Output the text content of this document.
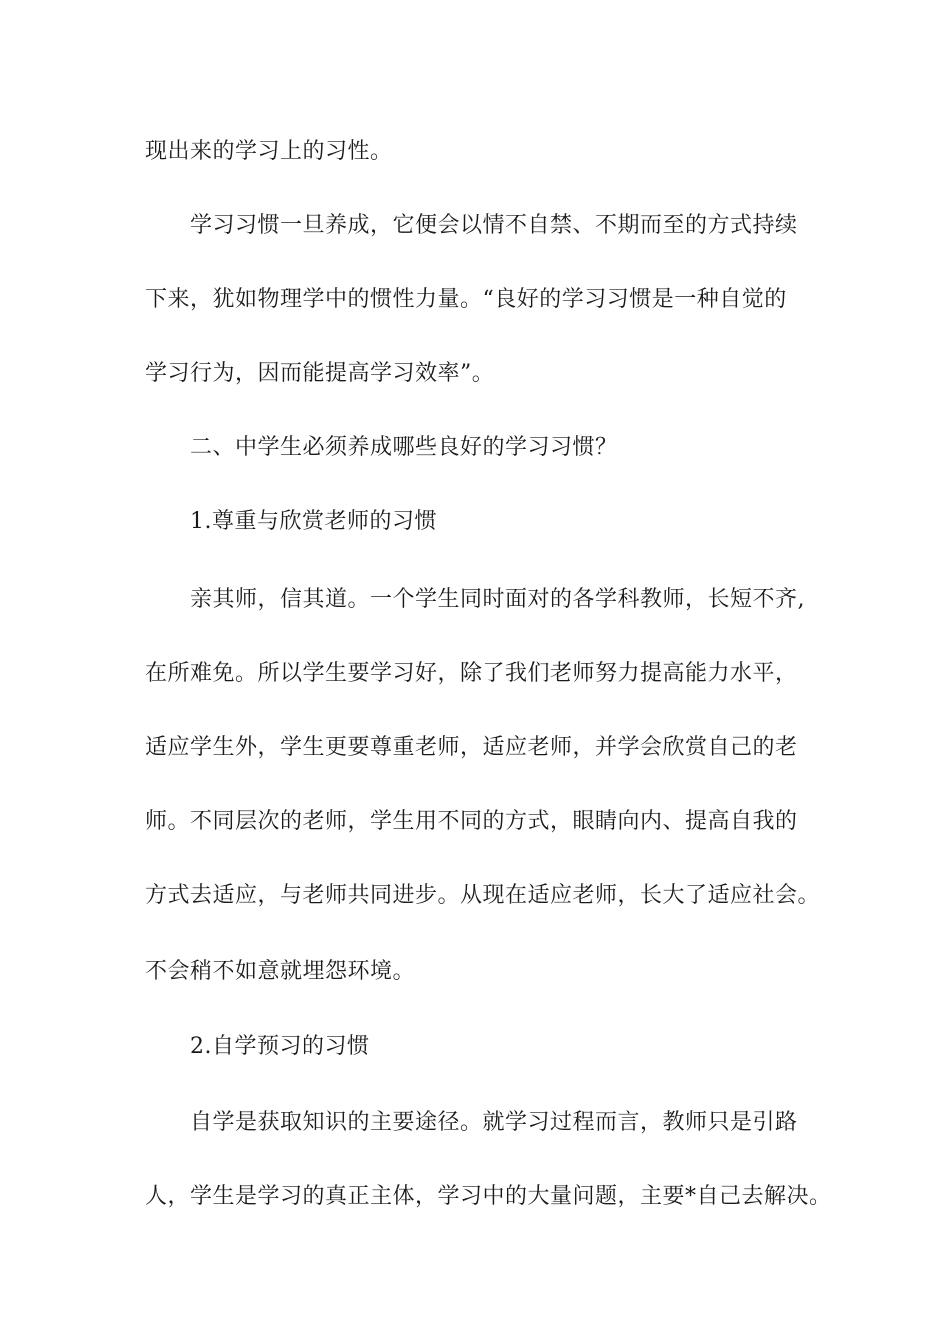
现出来的学习上的习性。
学习习惯一旦养成，它便会以情不自禁、不期而至的方式持续
下来，犹如物理学中的惯性力量。“良好的学习习惯是一种自觉的
学习行为，因而能提高学习效率”。
二、中学生必须养成哪些良好的学习习惯？
1.尊重与欣赏老师的习惯
亲其师，信其道。一个学生同时面对的各学科教师，长短不齐,
在所难免。所以学生要学习好，除了我们老师努力提高能力水平，
适应学生外，学生更要尊重老师，适应老师，并学会欣赏自己的老
师。不同层次的老师，学生用不同的方式，眼睛向内、提高自我的
方式去适应，与老师共同进步。从现在适应老师，长大了适应社会。
不会稍不如意就埋怨环境。
2.自学预习的习惯
自学是获取知识的主要途径。就学习过程而言，教师只是引路
人，学生是学习的真正主体，学习中的大量问题，主要*自己去解决。
